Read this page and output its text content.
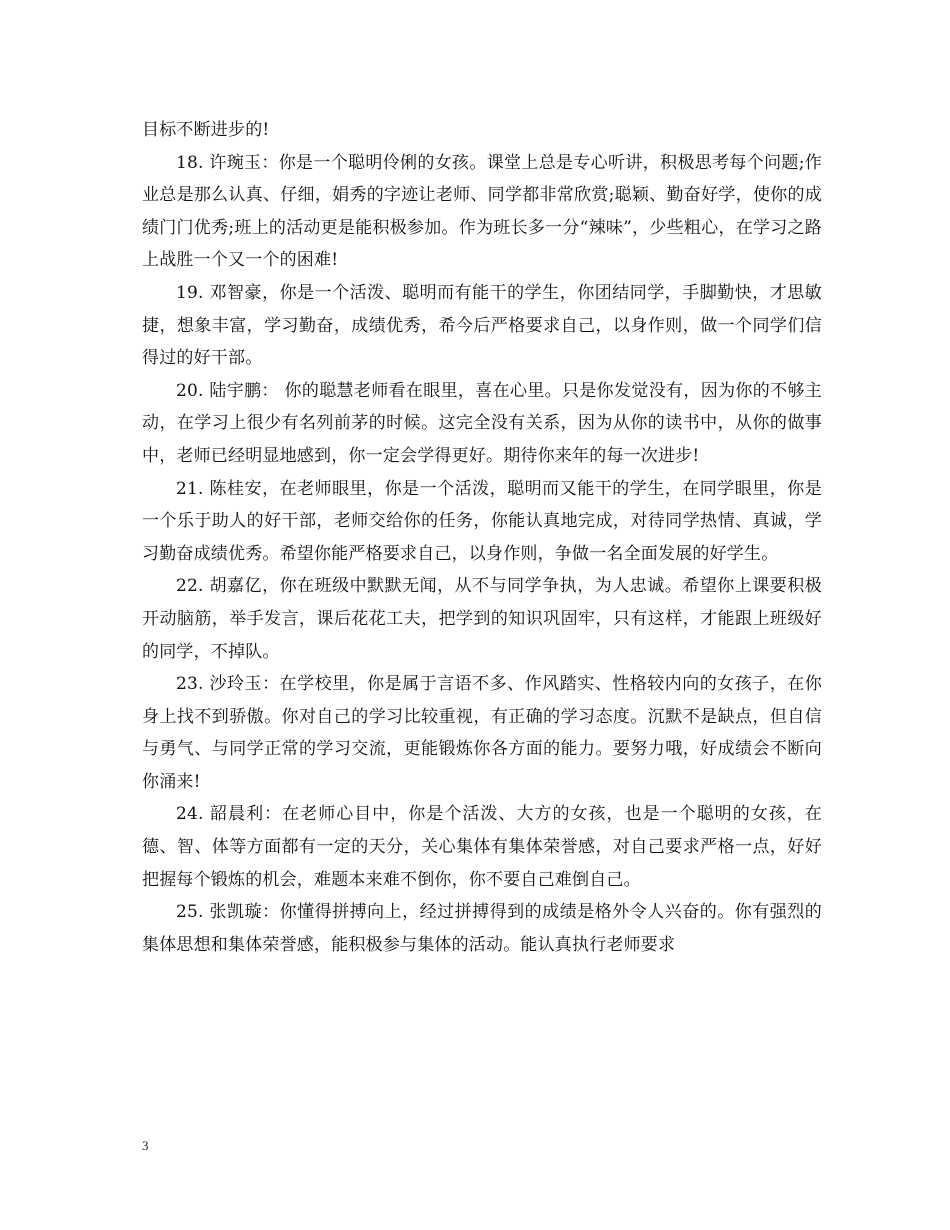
目标不断进步的!

18. 许琬玉：你是一个聪明伶俐的女孩。课堂上总是专心听讲，积极思考每个问题;作业总是那么认真、仔细，娟秀的字迹让老师、同学都非常欣赏;聪颖、勤奋好学，使你的成绩门门优秀;班上的活动更是能积极参加。作为班长多一分“辣味”，少些粗心，在学习之路上战胜一个又一个的困难!

19. 邓智豪，你是一个活泼、聪明而有能干的学生，你团结同学，手脚勤快，才思敏捷，想象丰富，学习勤奋，成绩优秀，希今后严格要求自己，以身作则，做一个同学们信得过的好干部。

20. 陆宇鹏： 你的聪慧老师看在眼里，喜在心里。只是你发觉没有，因为你的不够主动，在学习上很少有名列前茅的时候。这完全没有关系，因为从你的读书中，从你的做事中，老师已经明显地感到，你一定会学得更好。期待你来年的每一次进步!

21. 陈桂安，在老师眼里，你是一个活泼，聪明而又能干的学生，在同学眼里，你是一个乐于助人的好干部，老师交给你的任务，你能认真地完成，对待同学热情、真诚，学习勤奋成绩优秀。希望你能严格要求自己，以身作则，争做一名全面发展的好学生。

22. 胡嘉亿，你在班级中默默无闻，从不与同学争执，为人忠诚。希望你上课要积极开动脑筋，举手发言，课后花花工夫，把学到的知识巩固牢，只有这样，才能跟上班级好的同学，不掉队。

23. 沙玲玉：在学校里，你是属于言语不多、作风踏实、性格较内向的女孩子，在你身上找不到骄傲。你对自己的学习比较重视，有正确的学习态度。沉默不是缺点，但自信与勇气、与同学正常的学习交流，更能锻炼你各方面的能力。要努力哦，好成绩会不断向你涌来!

24. 韶晨利：在老师心目中，你是个活泼、大方的女孩，也是一个聪明的女孩，在德、智、体等方面都有一定的天分，关心集体有集体荣誉感，对自己要求严格一点，好好把握每个锻炼的机会，难题本来难不倒你，你不要自己难倒自己。

25. 张凯璇：你懂得拼搏向上，经过拼搏得到的成绩是格外令人兴奋的。你有强烈的集体思想和集体荣誉感，能积极参与集体的活动。能认真执行老师要求

3
